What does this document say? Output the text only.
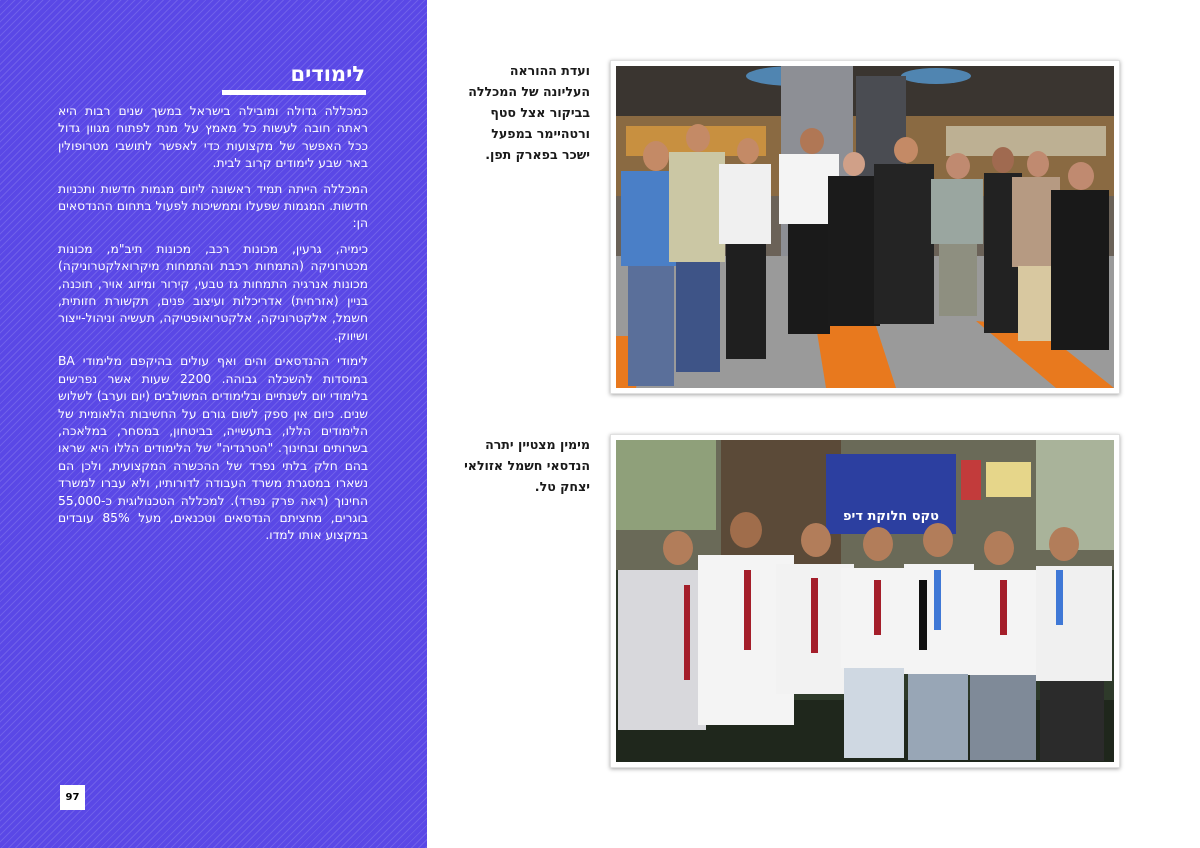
לימודים

כמכללה גדולה ומובילה בישראל במשך שנים רבות היא ראתה חובה לעשות כל מאמץ על מנת לפתוח מגוון גדול ככל האפשר של מקצועות כדי לאפשר לתושבי מטרופולין באר שבע לימודים קרוב לבית.

המכללה הייתה תמיד ראשונה ליזום מגמות חדשות ותכניות חדשות. המגמות שפעלו וממשיכות לפעול בתחום ההנדסאים הן:

כימיה, גרעין, מכונות רכב, מכונות תיב"מ, מכונות מכטרוניקה (התמחות רכבת והתמחות מיקרואלקטרוניקה) מכונות אנרגיה התמחות גז טבעי, קירור ומיזוג אויר, תוכנה, בניין (אזרחית) אדריכלות ועיצוב פנים, תקשורת חזותית, חשמל, אלקטרוניקה, אלקטרואופטיקה, תעשיה וניהול-ייצור ושיווק.

לימודי ההנדסאים והים ואף עולים בהיקפם מלימודי BA במוסדות להשכלה גבוהה. 2200 שעות אשר נפרשים בלימודי יום לשנתיים ובלימודים המשולבים (יום וערב) לשלוש שנים. כיום אין ספק לשום גורם על החשיבות הלאומית של הלימודים הללו, בתעשייה, בביטחון, במסחר, במלאכה, בשרותים ובחינוך. "הטרגדיה" של הלימודים הללו היא שראו בהם חלק בלתי נפרד של ההכשרה המקצועית, ולכן הם נשארו במסגרת משרד העבודה לדורותיו, ולא עברו למשרד החינוך (ראה פרק נפרד). למכללה הטכנולוגית כ-55,000 בוגרים, מחציתם הנדסאים וטכנאים, מעל 85% עובדים במקצוע אותו למדו.

97
ועדת ההוראה העליונה של המכללה בביקור אצל סטף ורטהיימר במפעל ישכר בפארק תפן.
מימין מצטיין יתרה הנדסאי חשמל אזולאי יצחק טל.
טקס חלוקת דיפ
